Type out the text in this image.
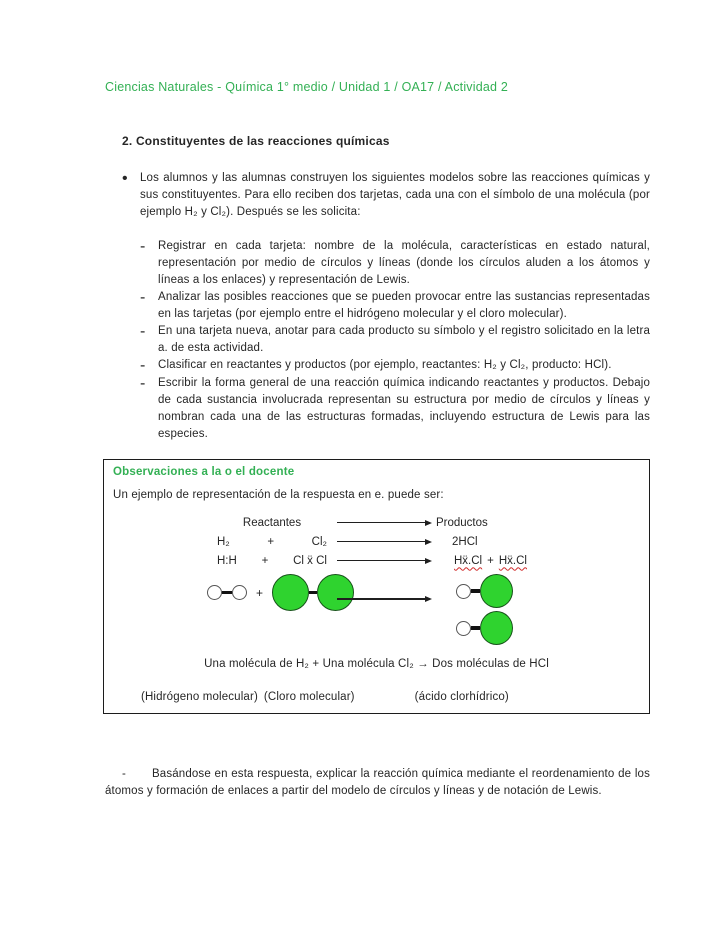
Ciencias Naturales - Química 1° medio / Unidad 1 / OA17 / Actividad 2
2. Constituyentes de las reacciones químicas
•	Los alumnos y las alumnas construyen los siguientes modelos sobre las reacciones químicas y sus constituyentes. Para ello reciben dos tarjetas, cada una con el símbolo de una molécula (por ejemplo H₂ y Cl₂). Después se les solicita:
-	Registrar en cada tarjeta: nombre de la molécula, características en estado natural, representación por medio de círculos y líneas (donde los círculos aluden a los átomos y líneas a los enlaces) y representación de Lewis.
-	Analizar las posibles reacciones que se pueden provocar entre las sustancias representadas en las tarjetas (por ejemplo entre el hidrógeno molecular y el cloro molecular).
-	En una tarjeta nueva, anotar para cada producto su símbolo y el registro solicitado en la letra a. de esta actividad.
-	Clasificar en reactantes y productos (por ejemplo, reactantes: H₂ y Cl₂, producto: HCl).
-	Escribir la forma general de una reacción química indicando reactantes y productos. Debajo de cada sustancia involucrada representan su estructura por medio de círculos y líneas y nombran cada una de las estructuras formadas, incluyendo estructura de Lewis para las especies.
Observaciones a la o el docente
Un ejemplo de representación de la respuesta en e. puede ser:
Reactantes	Productos
H₂	+	Cl₂	2HCl
H:H + Cl ẍ Cl	Hẍ.Cl + Hẍ.Cl
+
Una molécula de H₂ + Una molécula Cl₂ → Dos moléculas de HCl
(Hidrógeno molecular) (Cloro molecular)	(ácido clorhídrico)

- Basándose en esta respuesta, explicar la reacción química mediante el reordenamiento de los átomos y formación de enlaces a partir del modelo de círculos y líneas y de notación de Lewis.
